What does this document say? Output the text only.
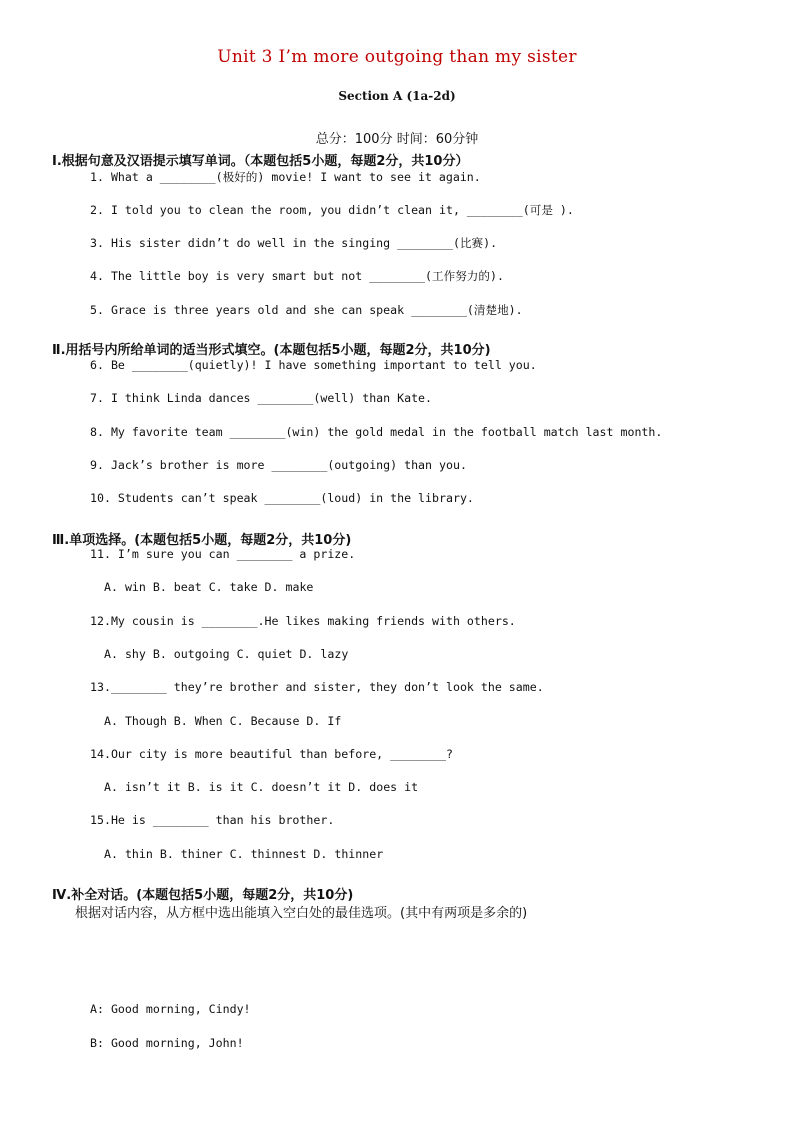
Unit 3 I’m more outgoing than my sister
Section A (1a-2d)
总分：100分 时间：60分钟
Ⅰ.根据句意及汉语提示填写单词。（本题包括5小题，每题2分，共10分）
1. What a ________(极好的) movie! I want to see it again.
2. I told you to clean the room, you didn’t clean it, ________(可是 ).
3. His sister didn’t do well in the singing ________(比赛).
4. The little boy is very smart but not ________(工作努力的).
5. Grace is three years old and she can speak ________(清楚地).
Ⅱ.用括号内所给单词的适当形式填空。(本题包括5小题，每题2分，共10分)
6. Be ________(quietly)! I have something important to tell you.
7. I think Linda dances ________(well) than Kate.
8. My favorite team ________(win) the gold medal in the football match last month.
9. Jack’s brother is more ________(outgoing) than you.
10. Students can’t speak ________(loud) in the library.
Ⅲ.单项选择。(本题包括5小题，每题2分，共10分)
11. I’m sure you can ________ a prize.
A. win B. beat C. take D. make
12.My cousin is ________.He likes making friends with others.
A. shy B. outgoing C. quiet D. lazy
13.________ they’re brother and sister, they don’t look the same.
A. Though B. When C. Because D. If
14.Our city is more beautiful than before, ________?
A. isn’t it B. is it C. doesn’t it D. does it
15.He is ________ than his brother.
A. thin B. thiner C. thinnest D. thinner
Ⅳ.补全对话。(本题包括5小题，每题2分，共10分)
根据对话内容，从方框中选出能填入空白处的最佳选项。(其中有两项是多余的)
A: Good morning, Cindy!
B: Good morning, John!
